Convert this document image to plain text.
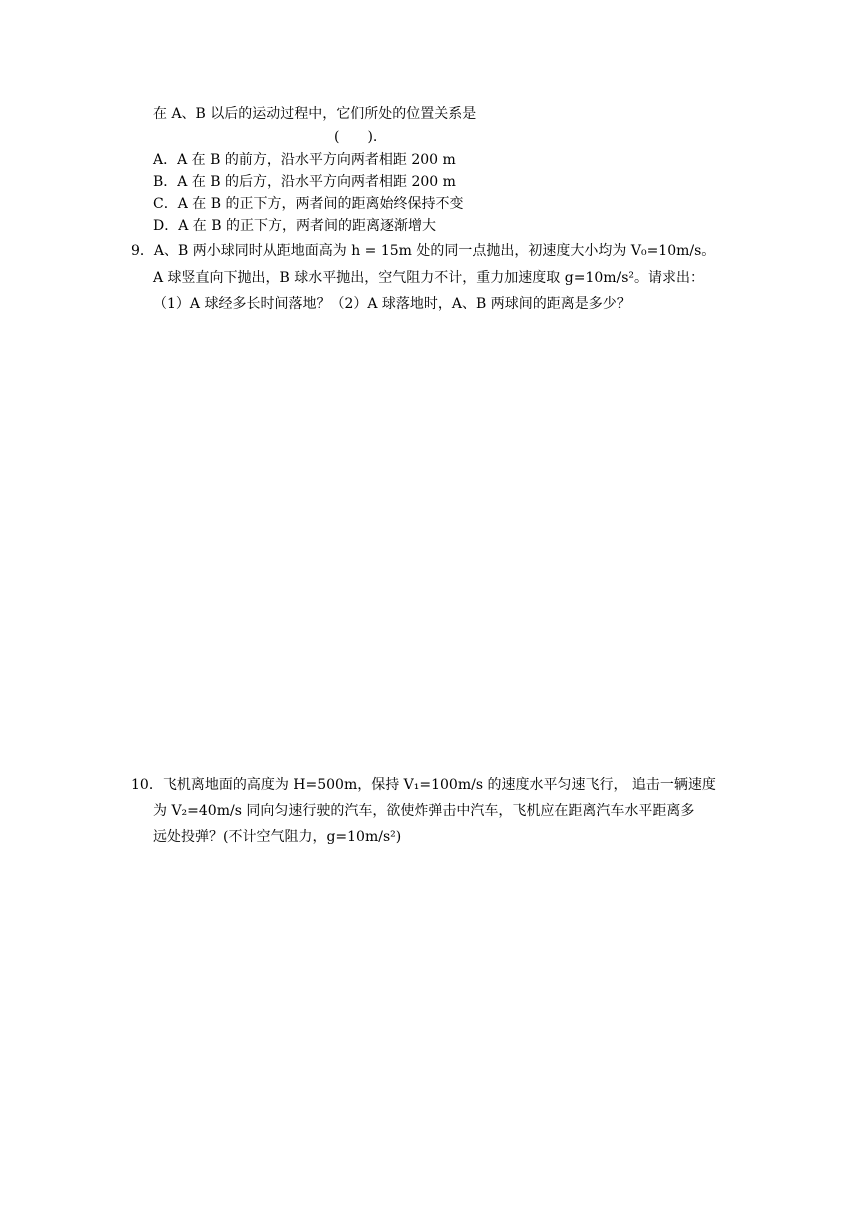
在 A、B 以后的运动过程中，它们所处的位置关系是
(　　).
A．A 在 B 的前方，沿水平方向两者相距 200 m
B．A 在 B 的后方，沿水平方向两者相距 200 m
C．A 在 B 的正下方，两者间的距离始终保持不变
D．A 在 B 的正下方，两者间的距离逐渐增大
9．A、B 两小球同时从距地面高为 h = 15m 处的同一点抛出，初速度大小均为 V₀=10m/s。
A 球竖直向下抛出，B 球水平抛出，空气阻力不计，重力加速度取 g=10m/s²。请求出：
（1）A 球经多长时间落地？（2）A 球落地时，A、B 两球间的距离是多少？
10．飞机离地面的高度为 H=500m，保持 V₁=100m/s 的速度水平匀速飞行， 追击一辆速度
为 V₂=40m/s 同向匀速行驶的汽车，欲使炸弹击中汽车，飞机应在距离汽车水平距离多
远处投弹？(不计空气阻力，g=10m/s²)
